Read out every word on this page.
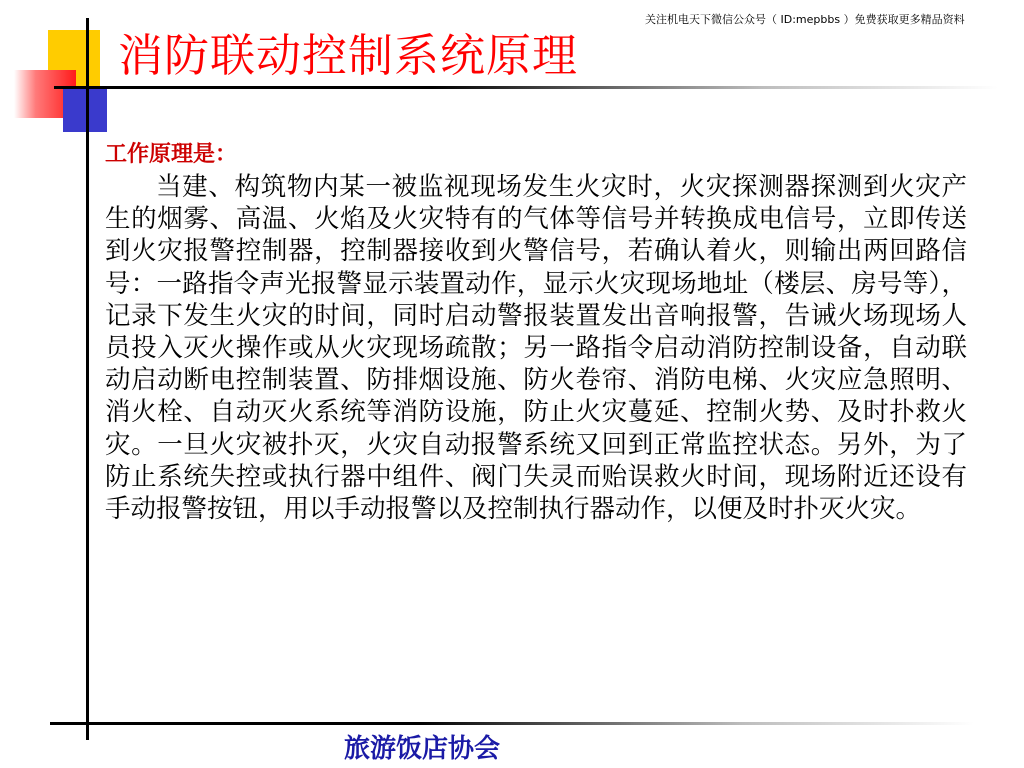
关注机电天下微信公众号（ ID:mepbbs ）免费获取更多精品资料
消防联动控制系统原理
工作原理是：
当建、构筑物内某一被监视现场发生火灾时，火灾探测器探测到火灾产生的烟雾、高温、火焰及火灾特有的气体等信号并转换成电信号，立即传送到火灾报警控制器，控制器接收到火警信号，若确认着火，则输出两回路信号：一路指令声光报警显示装置动作，显示火灾现场地址（楼层、房号等），记录下发生火灾的时间，同时启动警报装置发出音响报警，告诫火场现场人员投入灭火操作或从火灾现场疏散；另一路指令启动消防控制设备，自动联动启动断电控制装置、防排烟设施、防火卷帘、消防电梯、火灾应急照明、消火栓、自动灭火系统等消防设施，防止火灾蔓延、控制火势、及时扑救火灾。一旦火灾被扑灭，火灾自动报警系统又回到正常监控状态。另外，为了防止系统失控或执行器中组件、阀门失灵而贻误救火时间，现场附近还设有手动报警按钮，用以手动报警以及控制执行器动作，以便及时扑灭火灾。
旅游饭店协会
